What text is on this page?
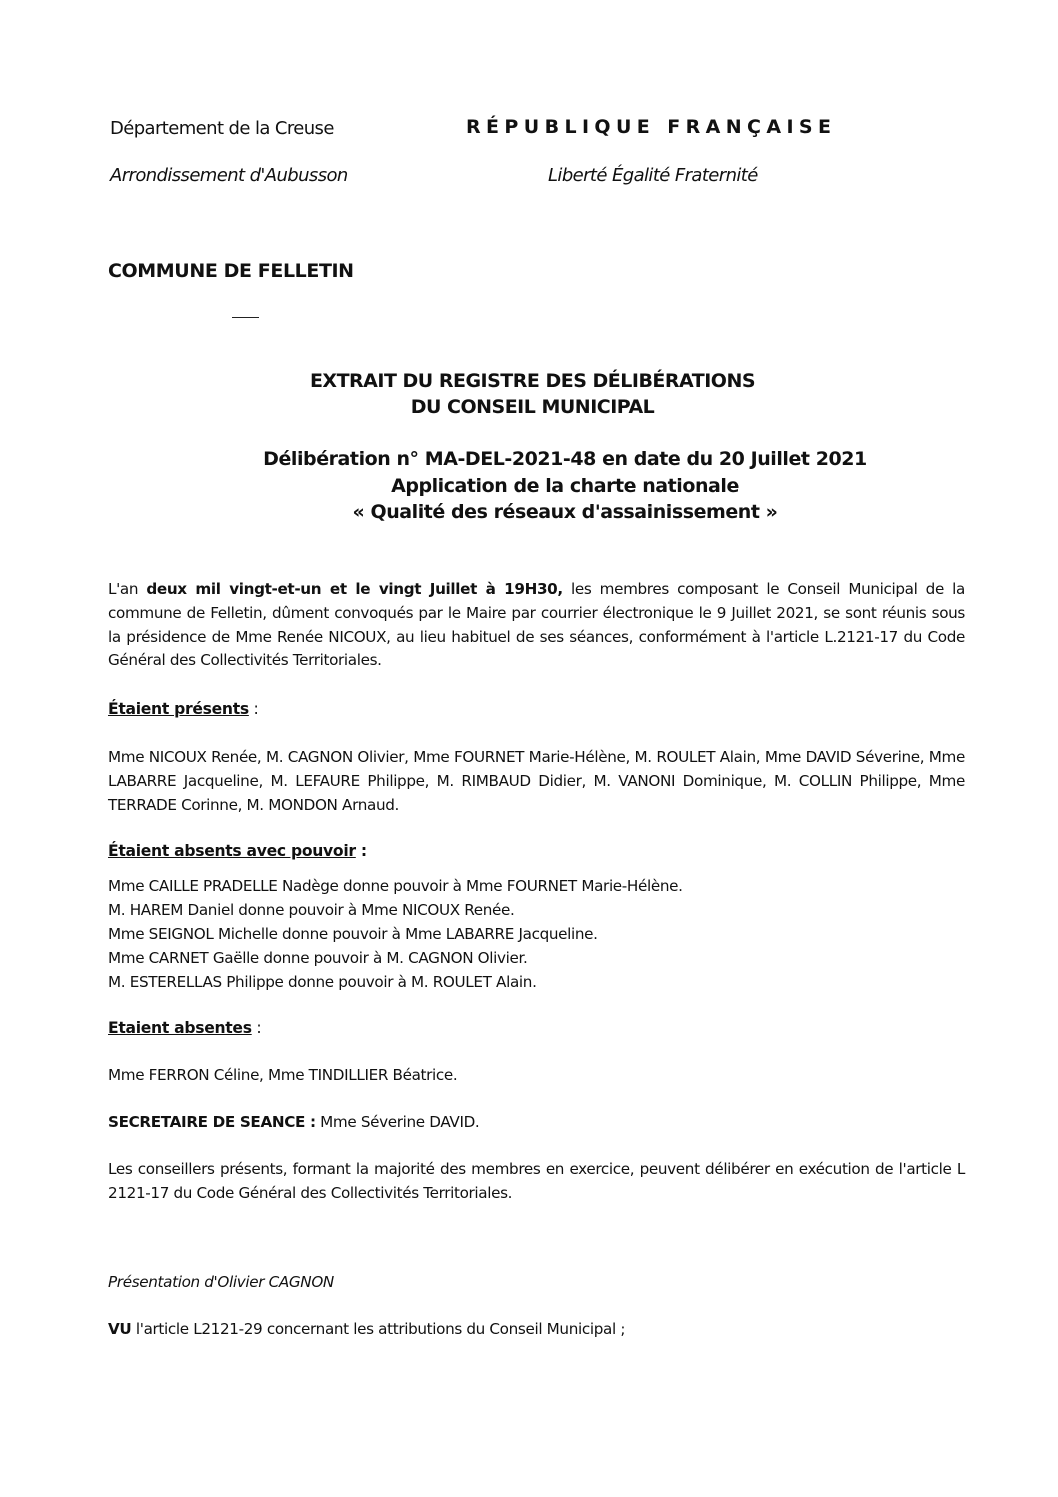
Département de la Creuse
Arrondissement d'Aubusson
RÉPUBLIQUE FRANÇAISE
Liberté Égalité Fraternité
COMMUNE DE FELLETIN
EXTRAIT DU REGISTRE DES DÉLIBÉRATIONS
DU CONSEIL MUNICIPAL
Délibération n° MA-DEL-2021-48 en date du 20 Juillet 2021
Application de la charte nationale
« Qualité des réseaux d'assainissement »
L'an deux mil vingt-et-un et le vingt Juillet à 19H30, les membres composant le Conseil Municipal de la commune de Felletin, dûment convoqués par le Maire par courrier électronique le 9 Juillet 2021, se sont réunis sous la présidence de Mme Renée NICOUX, au lieu habituel de ses séances, conformément à l'article L.2121-17 du Code Général des Collectivités Territoriales.
Étaient présents :
Mme NICOUX Renée, M. CAGNON Olivier, Mme FOURNET Marie-Hélène, M. ROULET Alain, Mme DAVID Séverine, Mme LABARRE Jacqueline, M. LEFAURE Philippe, M. RIMBAUD Didier, M. VANONI Dominique, M. COLLIN Philippe, Mme TERRADE Corinne, M. MONDON Arnaud.
Étaient absents avec pouvoir :
Mme CAILLE PRADELLE Nadège donne pouvoir à Mme FOURNET Marie-Hélène.
M. HAREM Daniel donne pouvoir à Mme NICOUX Renée.
Mme SEIGNOL Michelle donne pouvoir à Mme LABARRE Jacqueline.
Mme CARNET Gaëlle donne pouvoir à M. CAGNON Olivier.
M. ESTERELLAS Philippe donne pouvoir à M. ROULET Alain.
Etaient absentes :
Mme FERRON Céline, Mme TINDILLIER Béatrice.
SECRETAIRE DE SEANCE : Mme Séverine DAVID.
Les conseillers présents, formant la majorité des membres en exercice, peuvent délibérer en exécution de l'article L 2121-17 du Code Général des Collectivités Territoriales.
Présentation d'Olivier CAGNON
VU l'article L2121-29 concernant les attributions du Conseil Municipal ;
